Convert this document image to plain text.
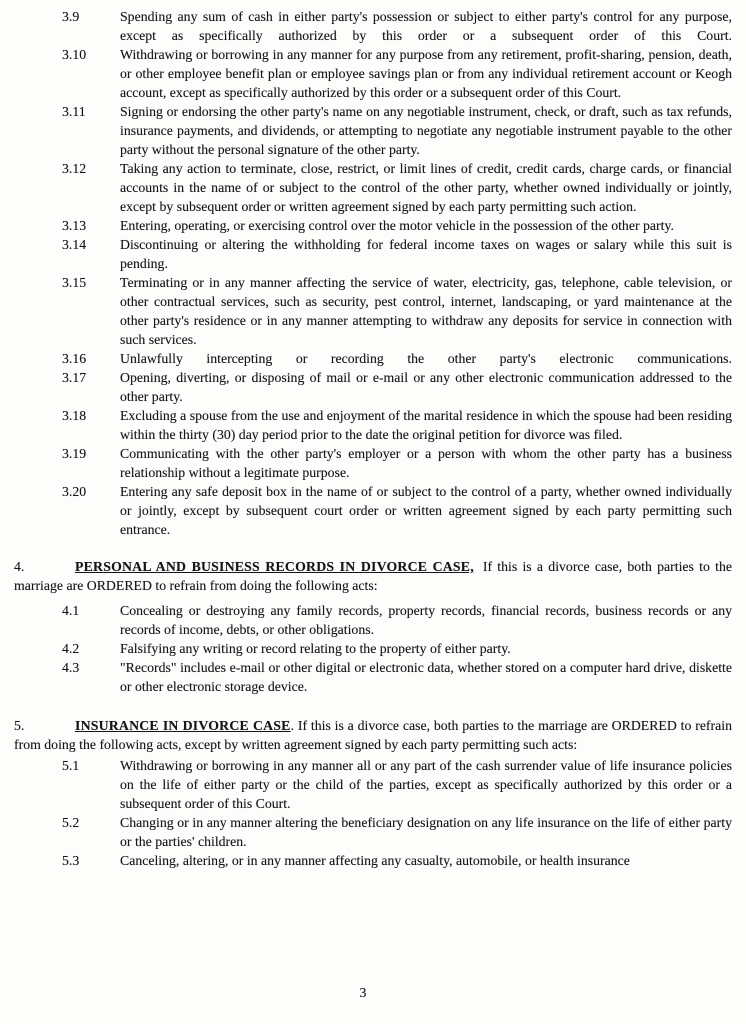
3.9	Spending any sum of cash in either party's possession or subject to either party's control for any purpose, except as specifically authorized by this order or a subsequent order of this Court.
3.10	Withdrawing or borrowing in any manner for any purpose from any retirement, profit-sharing, pension, death, or other employee benefit plan or employee savings plan or from any individual retirement account or Keogh account, except as specifically authorized by this order or a subsequent order of this Court.
3.11	Signing or endorsing the other party's name on any negotiable instrument, check, or draft, such as tax refunds, insurance payments, and dividends, or attempting to negotiate any negotiable instrument payable to the other party without the personal signature of the other party.
3.12	Taking any action to terminate, close, restrict, or limit lines of credit, credit cards, charge cards, or financial accounts in the name of or subject to the control of the other party, whether owned individually or jointly, except by subsequent order or written agreement signed by each party permitting such action.
3.13	Entering, operating, or exercising control over the motor vehicle in the possession of the other party.
3.14	Discontinuing or altering the withholding for federal income taxes on wages or salary while this suit is pending.
3.15	Terminating or in any manner affecting the service of water, electricity, gas, telephone, cable television, or other contractual services, such as security, pest control, internet, landscaping, or yard maintenance at the other party's residence or in any manner attempting to withdraw any deposits for service in connection with such services.
3.16	Unlawfully intercepting or recording the other party's electronic communications.
3.17	Opening, diverting, or disposing of mail or e-mail or any other electronic communication addressed to the other party.
3.18	Excluding a spouse from the use and enjoyment of the marital residence in which the spouse had been residing within the thirty (30) day period prior to the date the original petition for divorce was filed.
3.19	Communicating with the other party's employer or a person with whom the other party has a business relationship without a legitimate purpose.
3.20	Entering any safe deposit box in the name of or subject to the control of a party, whether owned individually or jointly, except by subsequent court order or written agreement signed by each party permitting such entrance.

4.	PERSONAL AND BUSINESS RECORDS IN DIVORCE CASE, If this is a divorce case, both parties to the marriage are ORDERED to refrain from doing the following acts:

4.1	Concealing or destroying any family records, property records, financial records, business records or any records of income, debts, or other obligations.
4.2	Falsifying any writing or record relating to the property of either party.
4.3	"Records" includes e-mail or other digital or electronic data, whether stored on a computer hard drive, diskette or other electronic storage device.

5.	INSURANCE IN DIVORCE CASE. If this is a divorce case, both parties to the marriage are ORDERED to refrain from doing the following acts, except by written agreement signed by each party permitting such acts:

5.1	Withdrawing or borrowing in any manner all or any part of the cash surrender value of life insurance policies on the life of either party or the child of the parties, except as specifically authorized by this order or a subsequent order of this Court.
5.2	Changing or in any manner altering the beneficiary designation on any life insurance on the life of either party or the parties' children.
5.3	Canceling, altering, or in any manner affecting any casualty, automobile, or health insurance
3
